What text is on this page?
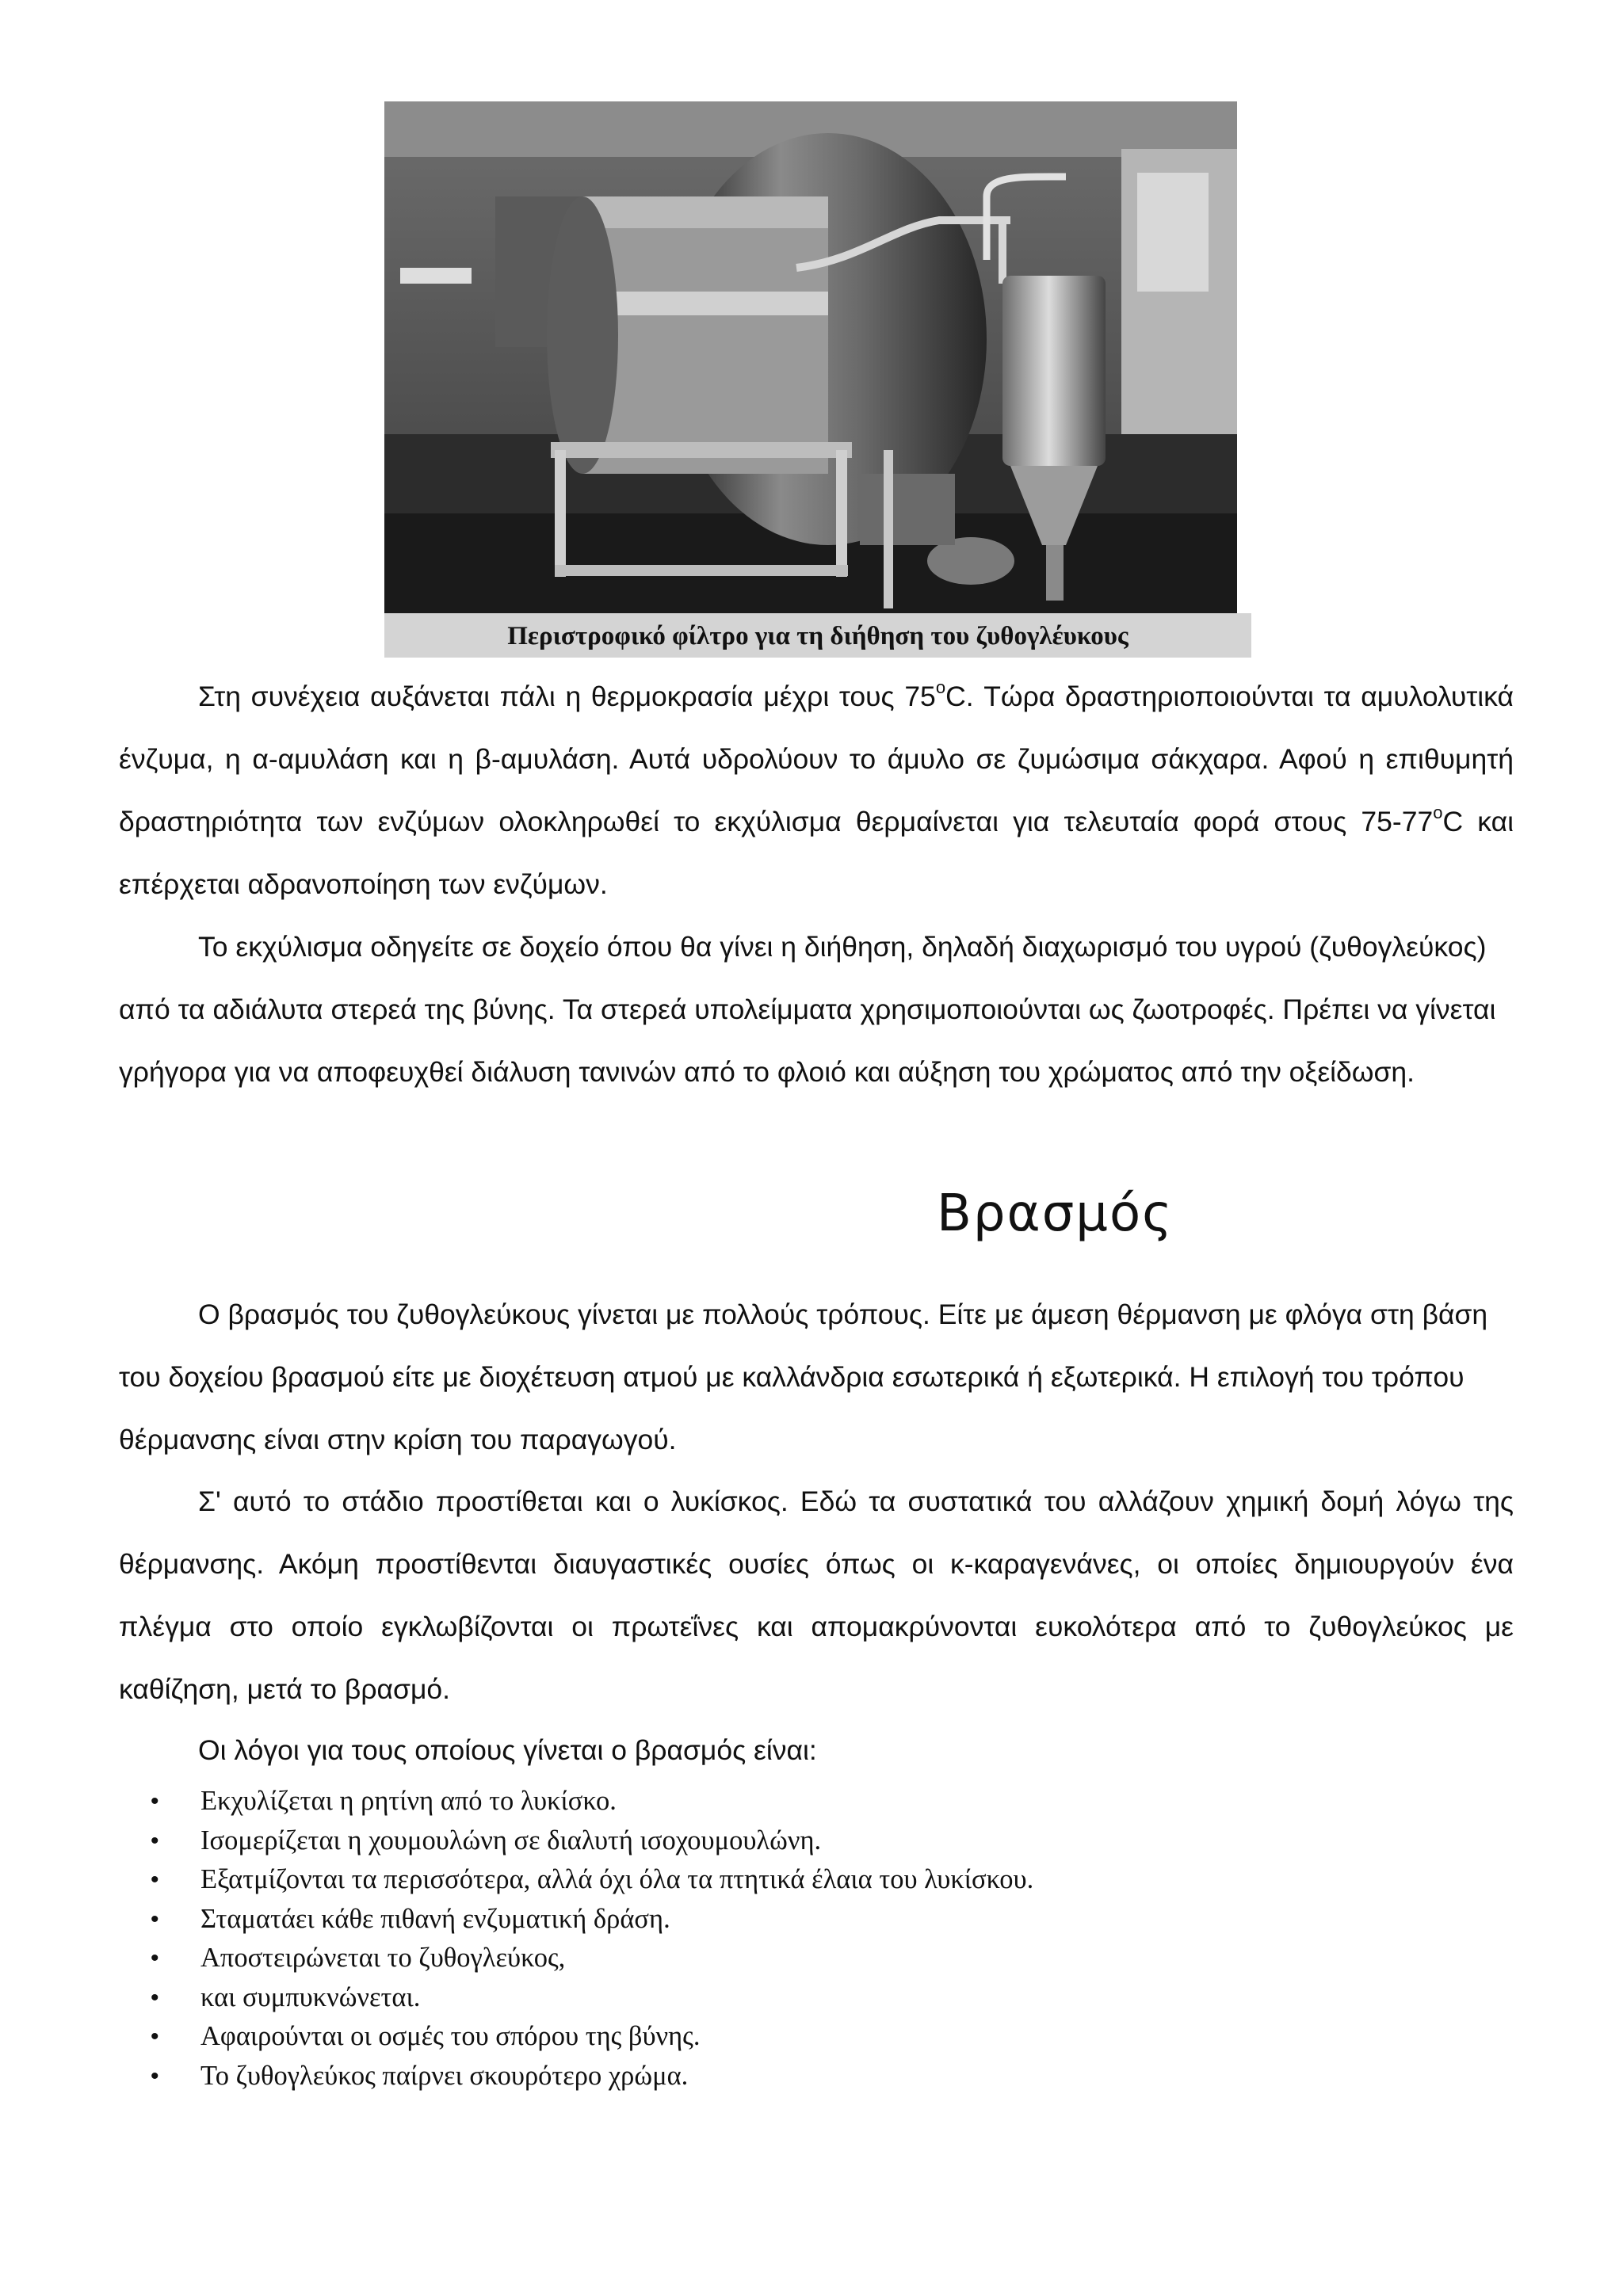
Περιστροφικό φίλτρο για τη διήθηση του ζυθογλέυκους

Στη συνέχεια αυξάνεται πάλι η θερμοκρασία μέχρι τους 75$^o$C. Τώρα δραστηριοποιούνται τα αμυλολυτικά ένζυμα, η α-αμυλάση και η β-αμυλάση. Αυτά υδρολύουν το άμυλο σε ζυμώσιμα σάκχαρα. Αφού η επιθυμητή δραστηριότητα των ενζύμων ολοκληρωθεί το εκχύλισμα θερμαίνεται για τελευταία φορά στους 75-77$^o$C και επέρχεται αδρανοποίηση των ενζύμων.

Το εκχύλισμα οδηγείτε σε δοχείο όπου θα γίνει η διήθηση, δηλαδή διαχωρισμό του υγρού (ζυθογλεύκος) από τα αδιάλυτα στερεά της βύνης. Τα στερεά υπολείμματα χρησιμοποιούνται ως ζωοτροφές. Πρέπει να γίνεται γρήγορα για να αποφευχθεί διάλυση τανινών από το φλοιό και αύξηση του χρώματος από την οξείδωση.

Βρασμός

Ο βρασμός του ζυθογλεύκους γίνεται με πολλούς τρόπους. Είτε με άμεση θέρμανση με φλόγα στη βάση του δοχείου βρασμού είτε με διοχέτευση ατμού με καλλάνδρια εσωτερικά ή εξωτερικά. Η επιλογή του τρόπου θέρμανσης είναι στην κρίση του παραγωγού.

Σ' αυτό το στάδιο προστίθεται και ο λυκίσκος. Εδώ τα συστατικά του αλλάζουν χημική δομή λόγω της θέρμανσης. Ακόμη προστίθενται διαυγαστικές ουσίες όπως οι κ-καραγενάνες, οι οποίες δημιουργούν ένα πλέγμα στο οποίο εγκλωβίζονται οι πρωτεΐνες και απομακρύνονται ευκολότερα από το ζυθογλεύκος με καθίζηση, μετά το βρασμό.

Οι λόγοι για τους οποίους γίνεται ο βρασμός είναι:

• Εκχυλίζεται η ρητίνη από το λυκίσκο.
• Ισομερίζεται η χουμουλώνη σε διαλυτή ισοχουμουλώνη.
• Εξατμίζονται τα περισσότερα, αλλά όχι όλα τα πτητικά έλαια του λυκίσκου.
• Σταματάει κάθε πιθανή ενζυματική δράση.
• Αποστειρώνεται το ζυθογλεύκος,
• και συμπυκνώνεται.
• Αφαιρούνται οι οσμές του σπόρου της βύνης.
• Το ζυθογλεύκος παίρνει σκουρότερο χρώμα.
